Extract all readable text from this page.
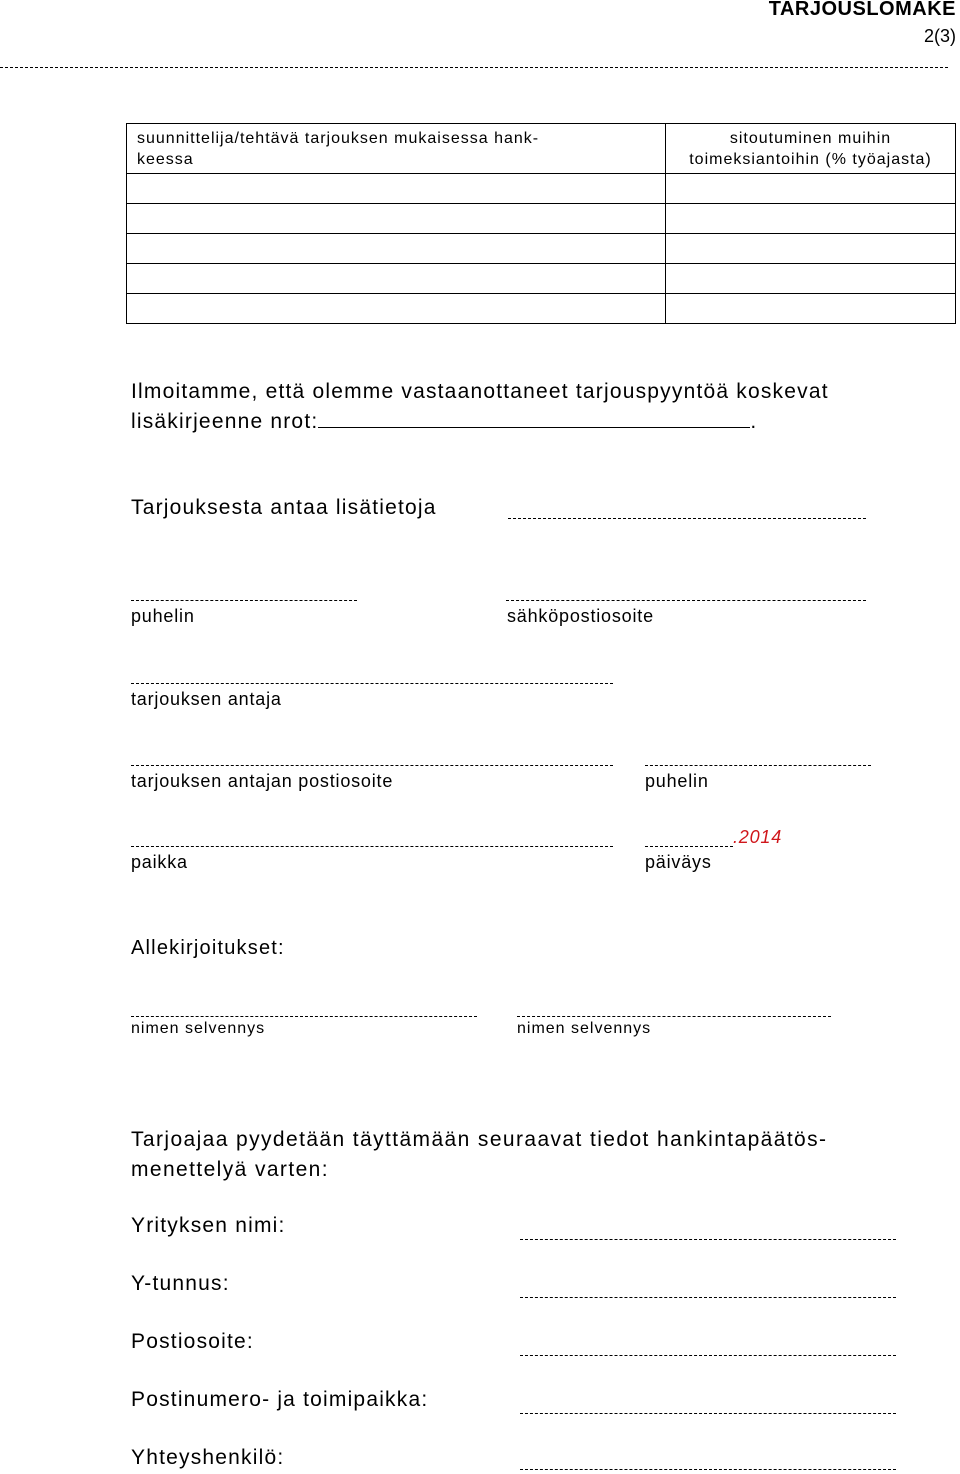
TARJOUSLOMAKE
2(3)
suunnittelija/tehtävä tarjouksen mukaisessa hank-
keessa	sitoutuminen muihin
toimeksiantoihin (% työajasta)

Ilmoitamme, että olemme vastaanottaneet tarjouspyyntöä koskevat
lisäkirjeenne nrot:	.
Tarjouksesta antaa lisätietoja
puhelin	sähköpostiosoite
tarjouksen antaja
tarjouksen antajan postiosoite	puhelin
paikka
.2014
päiväys
Allekirjoitukset:
nimen selvennys	nimen selvennys
Tarjoajaa pyydetään täyttämään seuraavat tiedot hankintapäätös-
menettelyä varten:
Yrityksen nimi:
Y-tunnus:
Postiosoite:
Postinumero- ja toimipaikka:
Yhteyshenkilö:
